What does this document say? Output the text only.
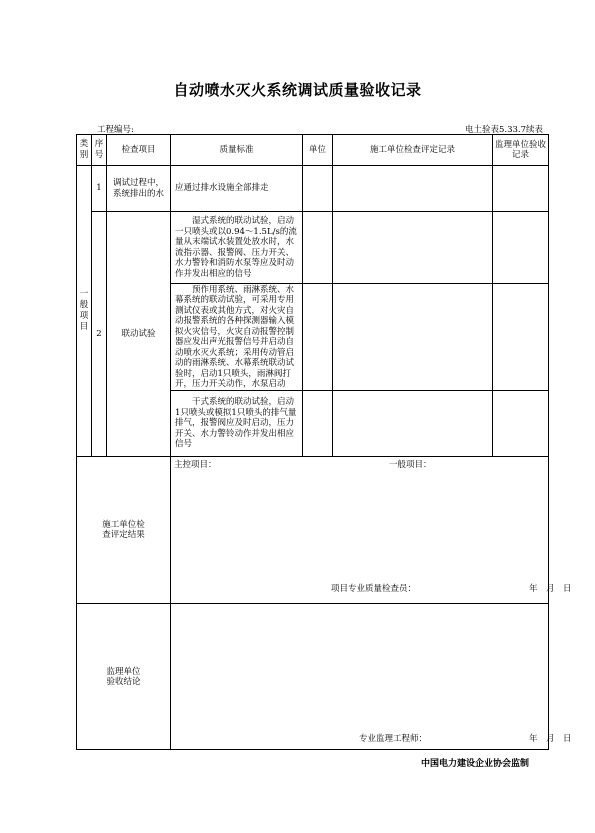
自动喷水灭火系统调试质量验收记录
工程编号:	电土验表5.33.7续表
类别	序号	检查项目	质量标准	单位	施工单位检查评定记录	监理单位验收记录
一般项目	1	调试过程中，系统排出的水	应通过排水设施全部排走			
	2	联动试验	湿式系统的联动试验，启动一只喷头或以0.94～1.5L/s的流量从末端试水装置处放水时，水流指示器、报警阀、压力开关、水力警铃和消防水泵等应及时动作并发出相应的信号			
			预作用系统、雨淋系统、水幕系统的联动试验，可采用专用测试仪表或其他方式，对火灾自动报警系统的各种探测器输入模拟火灾信号，火灾自动报警控制器应发出声光报警信号并启动自动喷水灭火系统；采用传动管启动的雨淋系统、水幕系统联动试验时，启动1只喷头，雨淋阀打开，压力开关动作，水泵启动			
			干式系统的联动试验，启动1只喷头或模拟1只喷头的排气量排气，报警阀应及时启动，压力开关、水力警铃动作并发出相应信号			

施工单位检查评定结果			主控项目： 一般项目：
项目专业质量检查员： 年　月　日			

监理单位验收结论			专业监理工程师： 年　月　日			
中国电力建设企业协会监制
